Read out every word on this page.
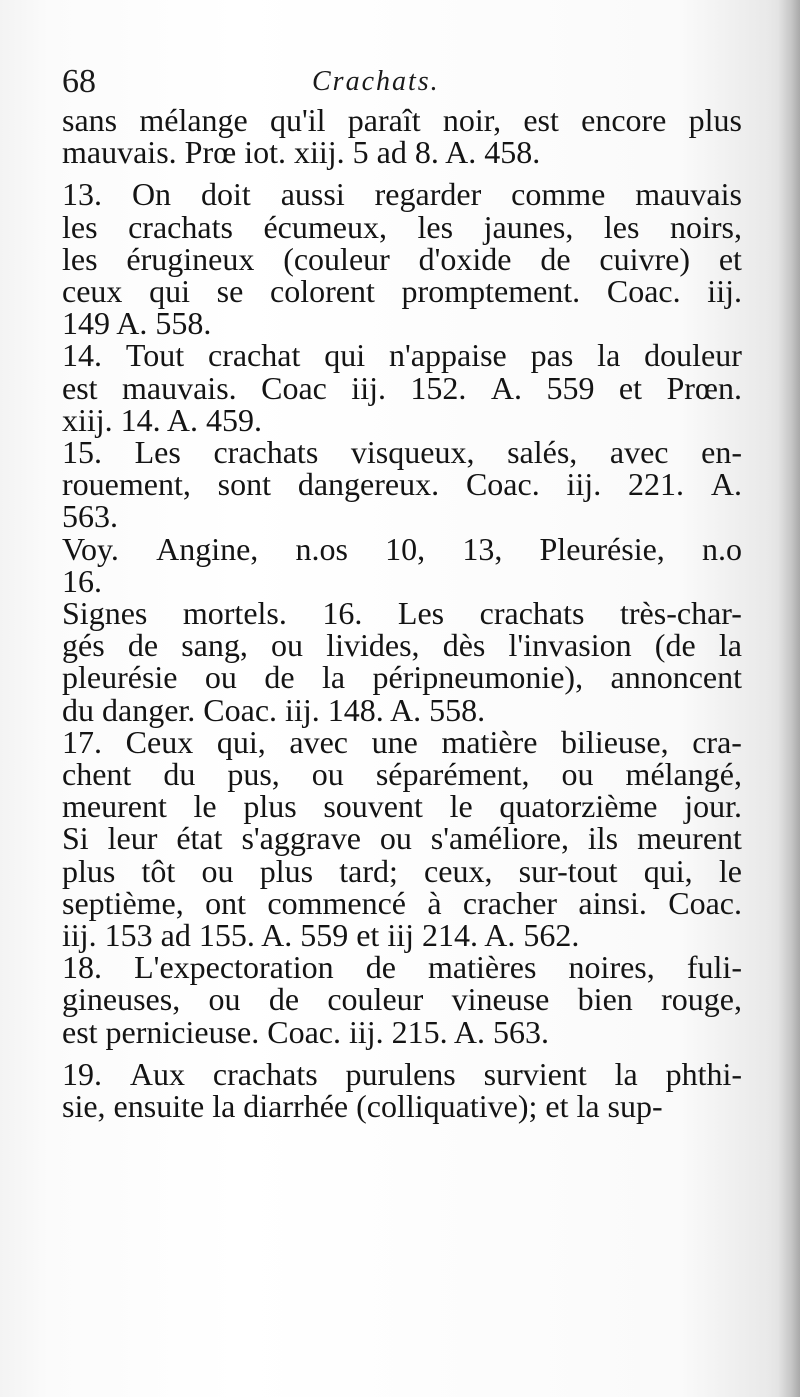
68	Crachats.
sans mélange qu'il paraît noir, est encore plus
mauvais. Prœ iot. xiij. 5 ad 8. A. 458.
13. On doit aussi regarder comme mauvais
les crachats écumeux, les jaunes, les noirs,
les érugineux (couleur d'oxide de cuivre) et
ceux qui se colorent promptement. Coac. iij.
149 A. 558.
14. Tout crachat qui n'appaise pas la douleur
est mauvais. Coac iij. 152. A. 559 et Prœn.
xiij. 14. A. 459.
15. Les crachats visqueux, salés, avec en-
rouement, sont dangereux. Coac. iij. 221. A.
563.
Voy. Angine, n.os 10, 13, Pleurésie, n.o
16.
Signes mortels. 16. Les crachats très-char-
gés de sang, ou livides, dès l'invasion (de la
pleurésie ou de la péripneumonie), annoncent
du danger. Coac. iij. 148. A. 558.
17. Ceux qui, avec une matière bilieuse, cra-
chent du pus, ou séparément, ou mélangé,
meurent le plus souvent le quatorzième jour.
Si leur état s'aggrave ou s'améliore, ils meurent
plus tôt ou plus tard; ceux, sur-tout qui, le
septième, ont commencé à cracher ainsi. Coac.
iij. 153 ad 155. A. 559 et iij 214. A. 562.
18. L'expectoration de matières noires, fuli-
gineuses, ou de couleur vineuse bien rouge,
est pernicieuse. Coac. iij. 215. A. 563.
19. Aux crachats purulens survient la phthi-
sie, ensuite la diarrhée (colliquative); et la sup-
